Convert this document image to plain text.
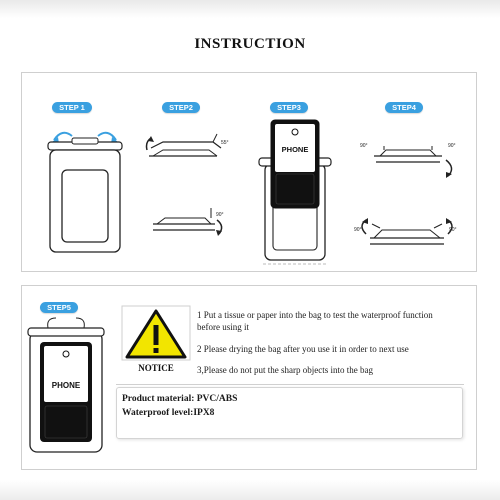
INSTRUCTION
STEP 1	STEP2	STEP3	STEP4
55°
90°
PHONE	90°	90°
90°	90°
STEP5
PHONE
NOTICE
1 Put a tissue or paper into the bag to test the waterproof function before using it
2 Please drying the bag after you use it in order to next use
3,Please do not put the sharp objects into the bag
Product material: PVC/ABS
Waterproof level:IPX8
